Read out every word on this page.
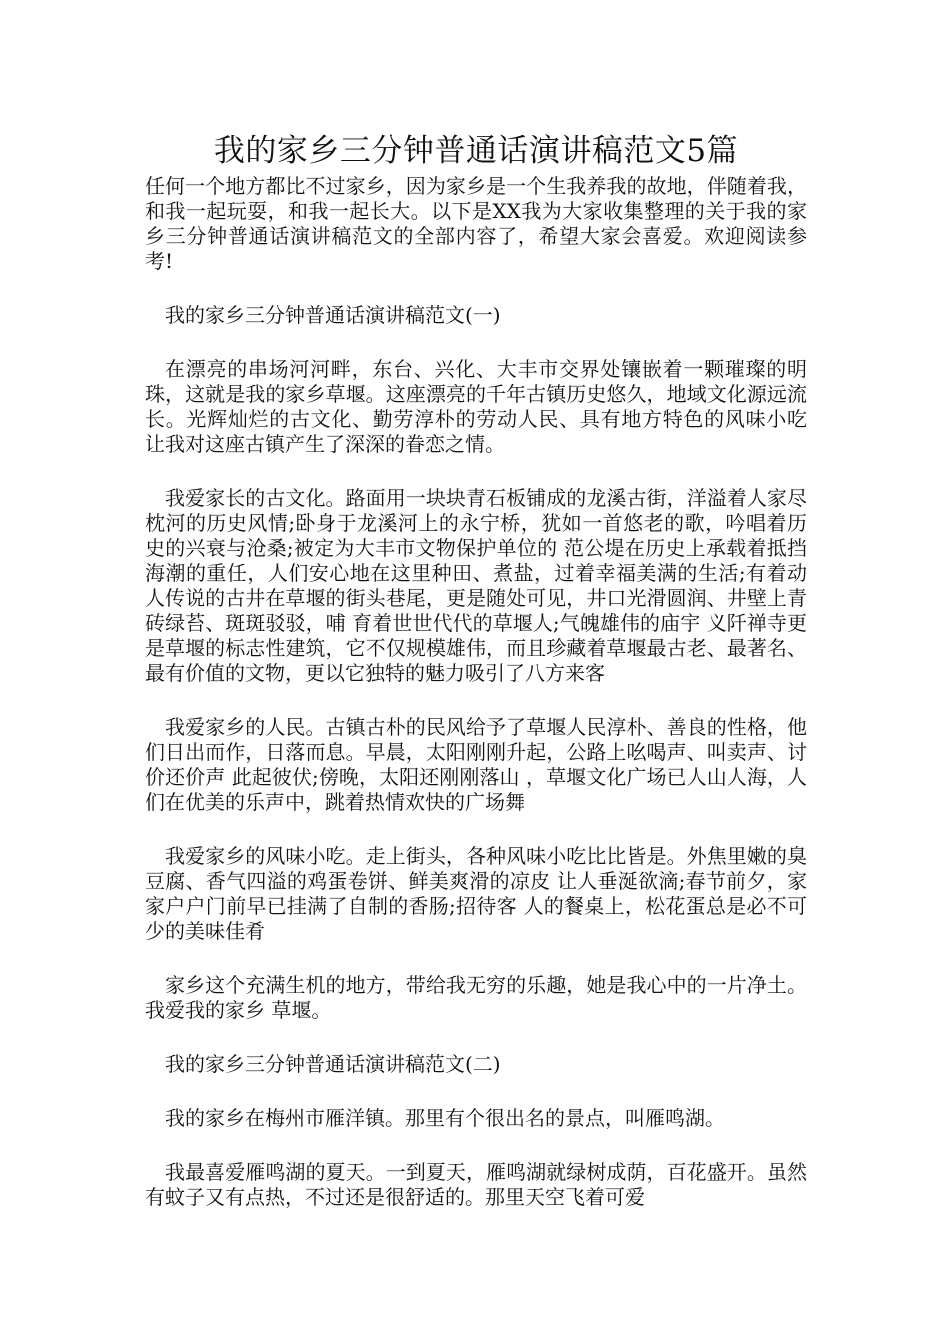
我的家乡三分钟普通话演讲稿范文5篇

任何一个地方都比不过家乡，因为家乡是一个生我养我的故地，伴随着我，和我一起玩耍，和我一起长大。以下是XX我为大家收集整理的关于我的家乡三分钟普通话演讲稿范文的全部内容了，希望大家会喜爱。欢迎阅读参考!

我的家乡三分钟普通话演讲稿范文(一)

在漂亮的串场河河畔，东台、兴化、大丰市交界处镶嵌着一颗璀璨的明珠，这就是我的家乡草堰。这座漂亮的千年古镇历史悠久，地域文化源远流长。光辉灿烂的古文化、勤劳淳朴的劳动人民、具有地方特色的风味小吃 让我对这座古镇产生了深深的眷恋之情。

我爱家长的古文化。路面用一块块青石板铺成的龙溪古街，洋溢着人家尽枕河的历史风情;卧身于龙溪河上的永宁桥，犹如一首悠老的歌，吟唱着历史的兴衰与沧桑;被定为大丰市文物保护单位的 范公堤在历史上承载着抵挡海潮的重任，人们安心地在这里种田、煮盐，过着幸福美满的生活;有着动人传说的古井在草堰的街头巷尾，更是随处可见，井口光滑圆润、井壁上青砖绿苔、斑斑驳驳，哺 育着世世代代的草堰人;气魄雄伟的庙宇 义阡禅寺更是草堰的标志性建筑，它不仅规模雄伟，而且珍藏着草堰最古老、最著名、最有价值的文物，更以它独特的魅力吸引了八方来客

我爱家乡的人民。古镇古朴的民风给予了草堰人民淳朴、善良的性格，他们日出而作，日落而息。早晨，太阳刚刚升起，公路上吆喝声、叫卖声、讨价还价声 此起彼伏;傍晚，太阳还刚刚落山 ，草堰文化广场已人山人海，人们在优美的乐声中，跳着热情欢快的广场舞

我爱家乡的风味小吃。走上街头，各种风味小吃比比皆是。外焦里嫩的臭豆腐、香气四溢的鸡蛋卷饼、鲜美爽滑的凉皮 让人垂涎欲滴;春节前夕，家家户户门前早已挂满了自制的香肠;招待客 人的餐桌上，松花蛋总是必不可少的美味佳肴

家乡这个充满生机的地方，带给我无穷的乐趣，她是我心中的一片净土。我爱我的家乡 草堰。

我的家乡三分钟普通话演讲稿范文(二)

我的家乡在梅州市雁洋镇。那里有个很出名的景点，叫雁鸣湖。

我最喜爱雁鸣湖的夏天。一到夏天，雁鸣湖就绿树成荫，百花盛开。虽然有蚊子又有点热，不过还是很舒适的。那里天空飞着可爱
